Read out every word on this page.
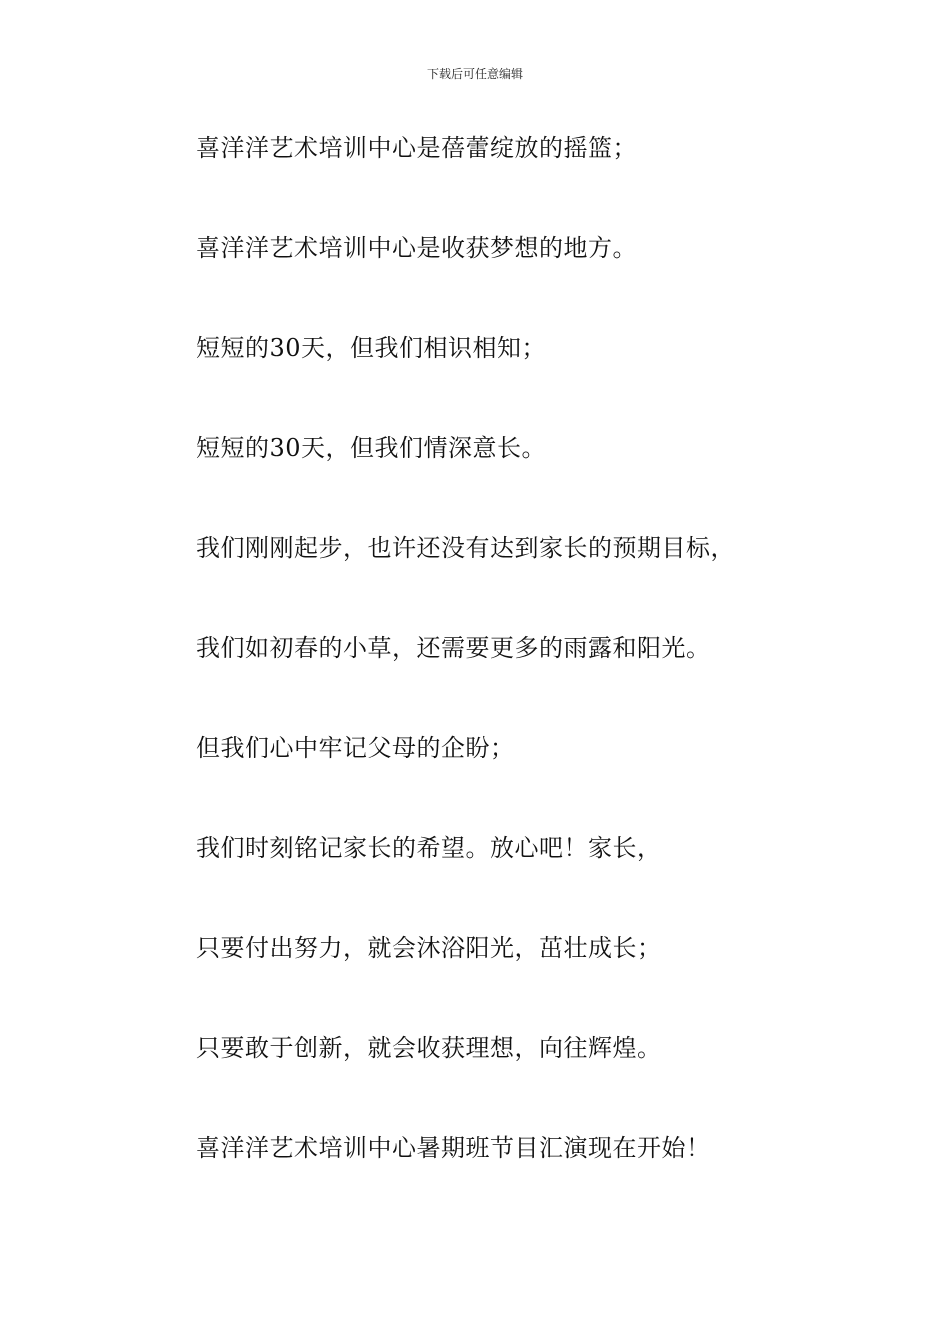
下载后可任意编辑
喜洋洋艺术培训中心是蓓蕾绽放的摇篮；
喜洋洋艺术培训中心是收获梦想的地方。
短短的30天，但我们相识相知；
短短的30天，但我们情深意长。
我们刚刚起步，也许还没有达到家长的预期目标，
我们如初春的小草，还需要更多的雨露和阳光。
但我们心中牢记父母的企盼；
我们时刻铭记家长的希望。放心吧！家长，
只要付出努力，就会沐浴阳光，茁壮成长；
只要敢于创新，就会收获理想，向往辉煌。
喜洋洋艺术培训中心暑期班节目汇演现在开始！
